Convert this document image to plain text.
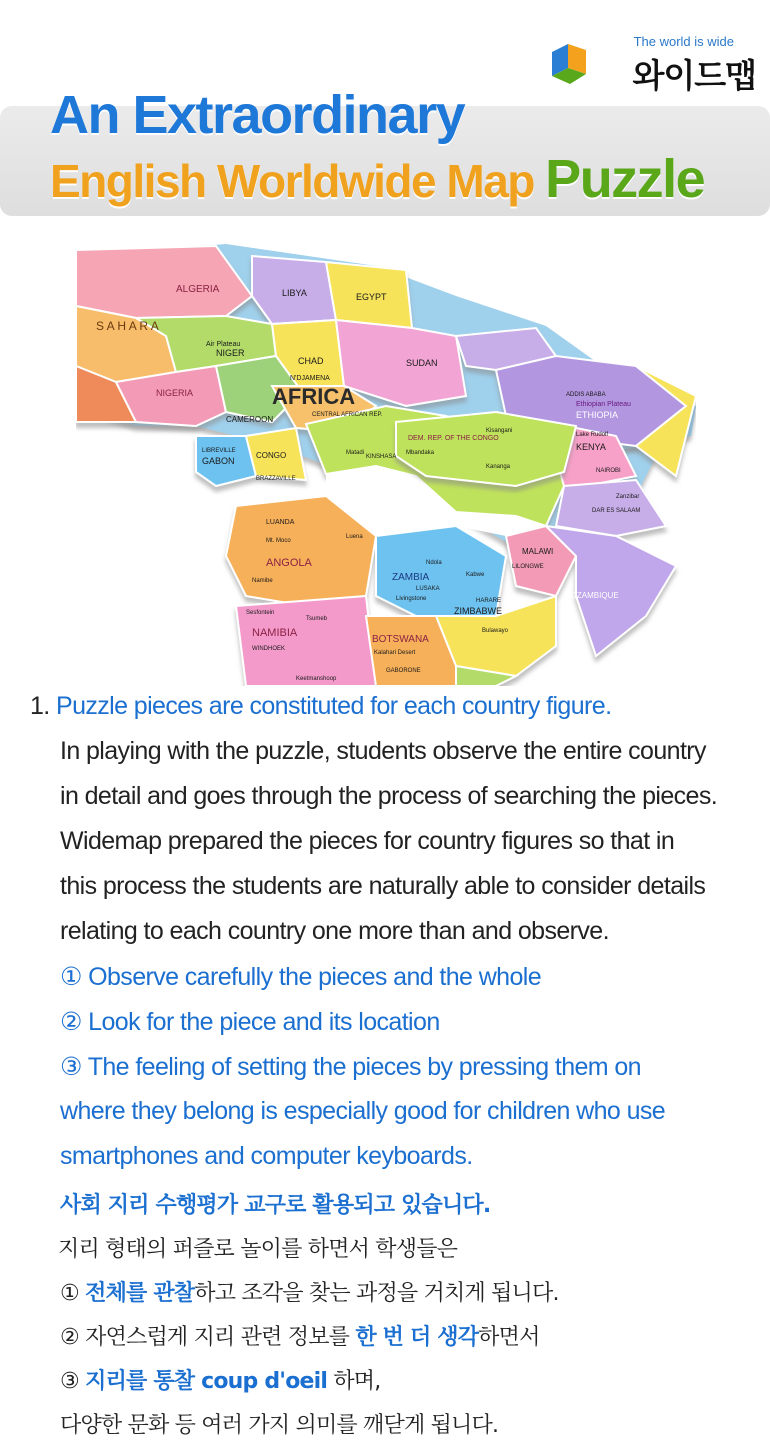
The world is wide
와이드맵
An Extraordinary
English Worldwide Map Puzzle
ALGERIA	LIBYA	EGYPT
S A H A R A
Air Plateau
NIGER
CHAD
N'DJAMENA
SUDAN
NIGERIA	AFRICA
CENTRAL AFRICAN REP.
CAMEROON
ADDIS ABABA
Ethiopian Plateau
ETHIOPIA
LIBREVILLE
GABON
CONGO
BRAZZAVILLE
Mbandaka
Kisangani
DEM. REP. OF THE CONGO
Matadi
KINSHASA
Kananga
Lake Rudolf
KENYA
NAIROBI
Zanzibar
DAR ES SALAAM
LUANDA
Luena
Mt. Moco
ANGOLA
Namibe
Ndola
Kabwe
ZAMBIA
LUSAKA
Livingstone
MALAWI
LILONGWE
MOZAMBIQUE
HARARE
ZIMBABWE
Bulawayo
Sesfontein
Tsumeb
NAMIBIA
WINDHOEK
BOTSWANA
Kalahari Desert
GABORONE
Keetmanshoop
1. Puzzle pieces are constituted for each country figure.
In playing with the puzzle, students observe the entire country
in detail and goes through the process of searching the pieces.
Widemap prepared the pieces for country figures so that in
this process the students are naturally able to consider details
relating to each country one more than and observe.
① Observe carefully the pieces and the whole
② Look for the piece and its location
③ The feeling of setting the pieces by pressing them on
where they belong is especially good for children who use
smartphones and computer keyboards.
사회 지리 수행평가 교구로 활용되고 있습니다.
지리 형태의 퍼즐로 놀이를 하면서 학생들은
① 전체를 관찰하고 조각을 찾는 과정을 거치게 됩니다.
② 자연스럽게 지리 관련 정보를 한 번 더 생각하면서
③ 지리를 통찰 coup d'oeil 하며,
다양한 문화 등 여러 가지 의미를 깨닫게 됩니다.
